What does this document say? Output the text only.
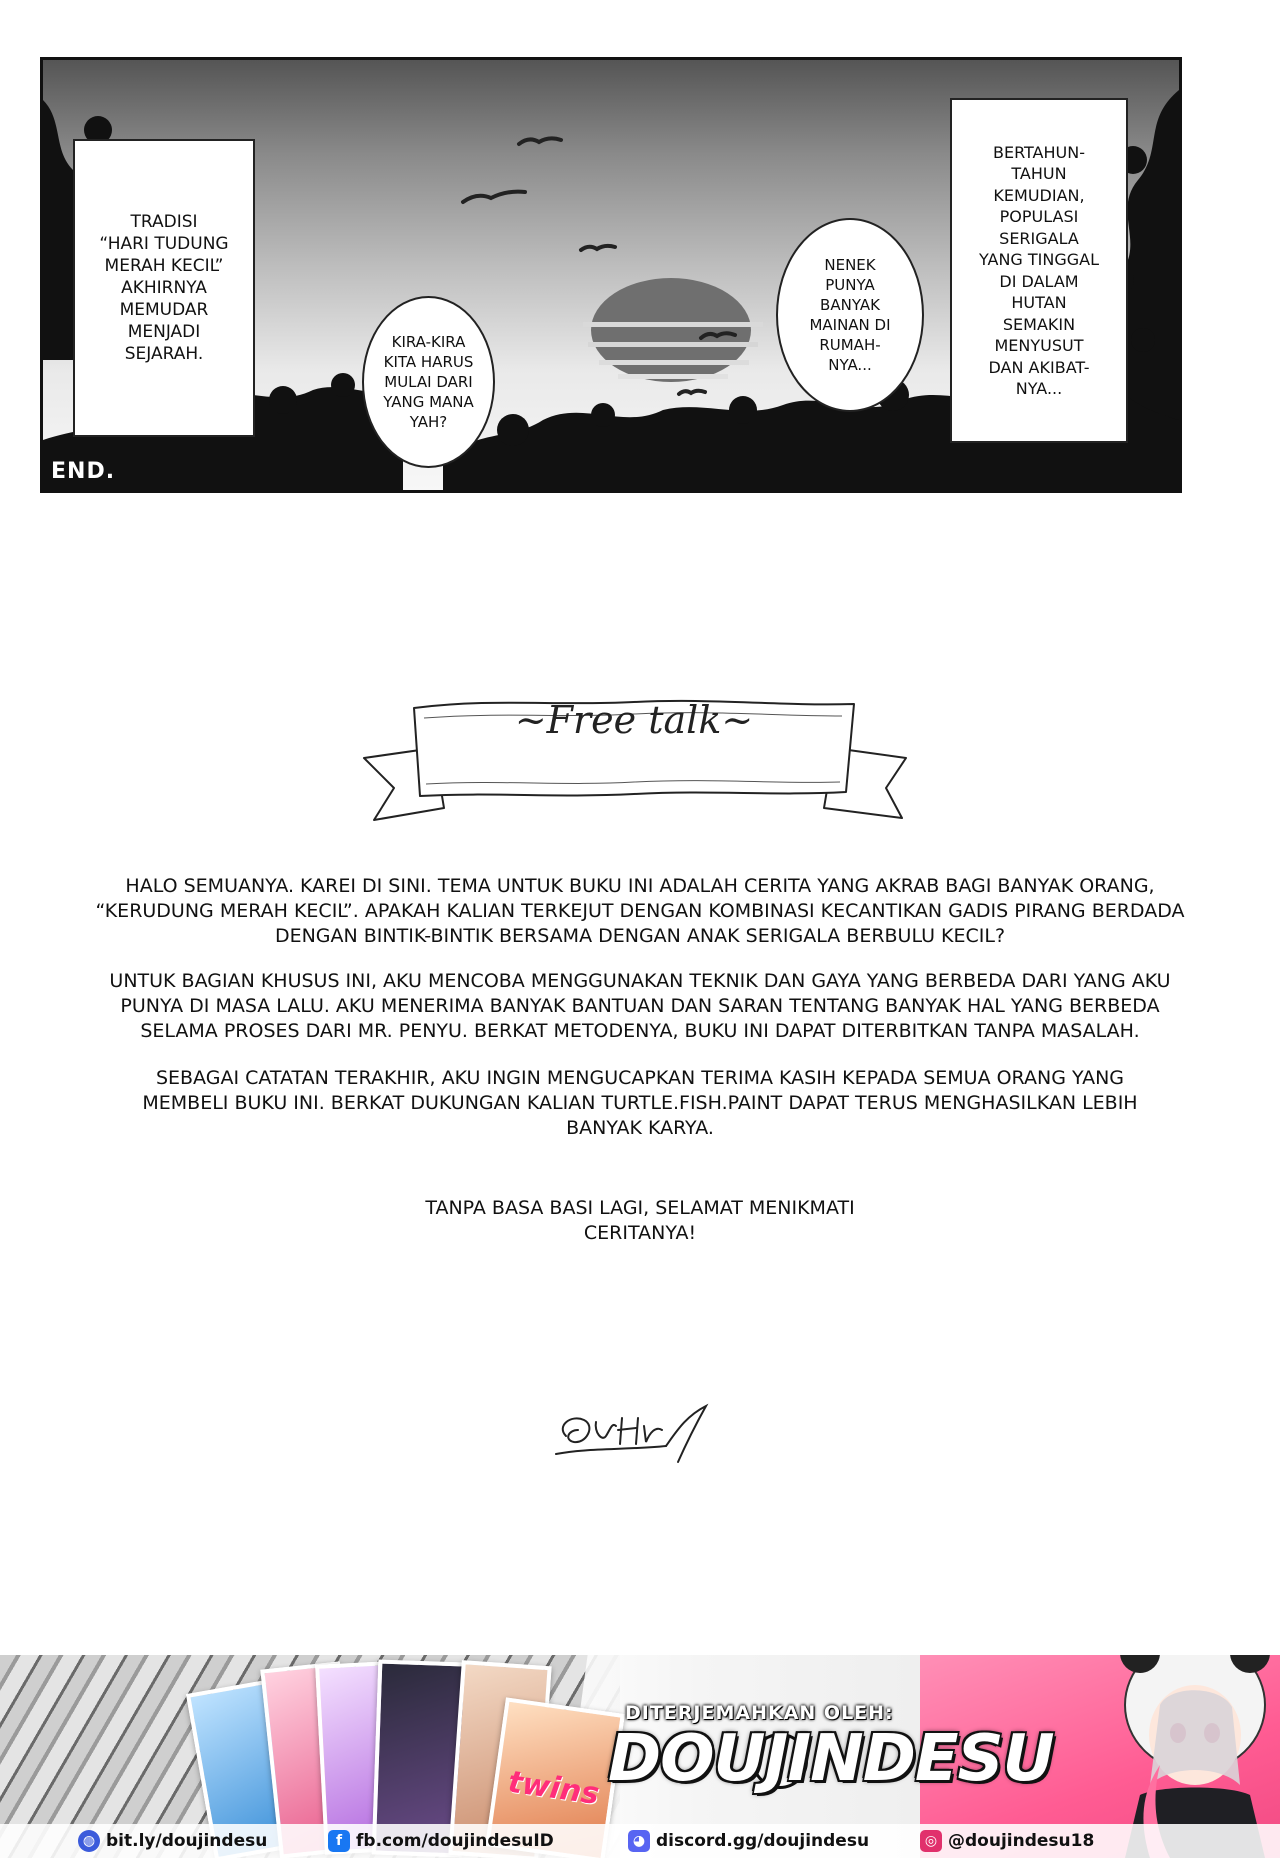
TRADISI
“HARI TUDUNG
MERAH KECIL”
AKHIRNYA
MEMUDAR
MENJADI
SEJARAH.
KIRA-KIRA
KITA HARUS
MULAI DARI
YANG MANA
YAH?
NENEK
PUNYA
BANYAK
MAINAN DI
RUMAH-
NYA...
BERTAHUN-
TAHUN
KEMUDIAN,
POPULASI
SERIGALA
YANG TINGGAL
DI DALAM
HUTAN
SEMAKIN
MENYUSUT
DAN AKIBAT-
NYA...
END.
~Free talk~

HALO SEMUANYA. KAREI DI SINI. TEMA UNTUK BUKU INI ADALAH CERITA YANG AKRAB BAGI BANYAK ORANG, “KERUDUNG MERAH KECIL”. APAKAH KALIAN TERKEJUT DENGAN KOMBINASI KECANTIKAN GADIS PIRANG BERDADA DENGAN BINTIK-BINTIK BERSAMA DENGAN ANAK SERIGALA BERBULU KECIL?

UNTUK BAGIAN KHUSUS INI, AKU MENCOBA MENGGUNAKAN TEKNIK DAN GAYA YANG BERBEDA DARI YANG AKU PUNYA DI MASA LALU. AKU MENERIMA BANYAK BANTUAN DAN SARAN TENTANG BANYAK HAL YANG BERBEDA SELAMA PROSES DARI MR. PENYU. BERKAT METODENYA, BUKU INI DAPAT DITERBITKAN TANPA MASALAH.

SEBAGAI CATATAN TERAKHIR, AKU INGIN MENGUCAPKAN TERIMA KASIH KEPADA SEMUA ORANG YANG MEMBELI BUKU INI. BERKAT DUKUNGAN KALIAN TURTLE.FISH.PAINT DAPAT TERUS MENGHASILKAN LEBIH BANYAK KARYA.

TANPA BASA BASI LAGI, SELAMAT MENIKMATI CERITANYA!

twins
DITERJEMAHKAN OLEH:
DOUJINDESU
◍ bit.ly/doujindesu	f fb.com/doujindesuID	◕ discord.gg/doujindesu	◎ @doujindesu18
